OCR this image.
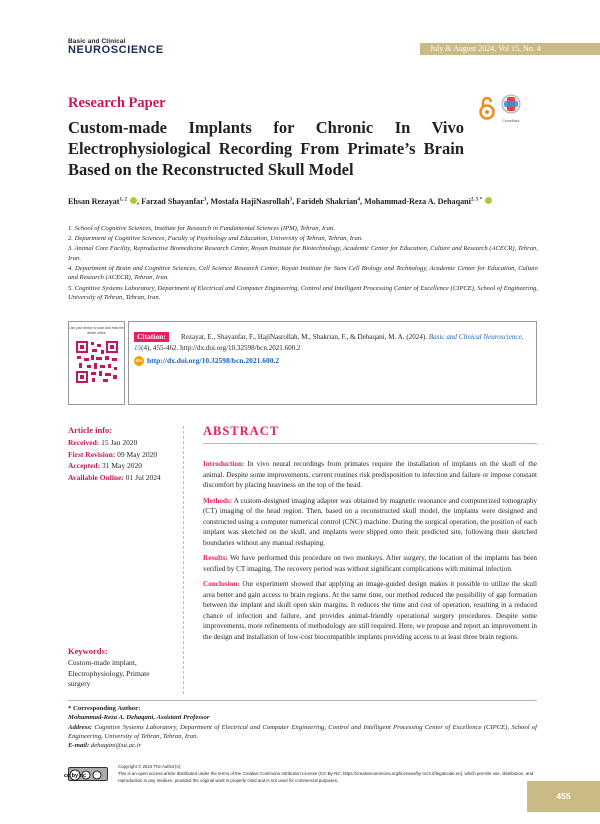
Basic and Clinical
NEUROSCIENCE	July & August 2024, Vol 15, No. 4
Research Paper
Custom-made Implants for Chronic In Vivo Electrophysiological Recording From Primate’s Brain Based on the Reconstructed Skull Model
CrossMark
Ehsan Rezayat$^{1, 2}$ , Farzad Shayanfar$^3$, Mostafa HajiNasrollah$^3$, Farideh Shakrian$^4$, Mohammad-Reza A. Dehaqani$^{2, 5 *}$

1. School of Cognitive Sciences, Institute for Research in Fundamental Sciences (IPM), Tehran, Iran.

2. Department of Cognitive Sciences, Faculty of Psychology and Education, University of Tehran, Tehran, Iran.

3. Animal Core Facility, Reproductive Biomedicine Research Center, Royan Institute for Biotechnology, Academic Center for Education, Culture and Research (ACECR), Tehran, Iran.

4. Department of Brain and Cognitive Sciences, Cell Science Research Center, Royan Institute for Stem Cell Biology and Technology, Academic Center for Education, Culture and Research (ACECR), Tehran, Iran.

5. Cognitive Systems Laboratory, Department of Electrical and Computer Engineering, Control and Intelligent Processing Center of Excellence (CIPCE), School of Engineering, University of Tehran, Tehran, Iran.

Use your device to scan and read the article online
Rezayat, E., Shayanfar, F., HajiNasrollah, M., Shakrian, F., & Dehaqani, M. A. (2024). Basic and Clinical Neuroscience, 15(4), 455-462. http://dx.doi.org/10.32598/bcn.2021.600.2
Citation:
doi http://dx.doi.org/10.32598/bcn.2021.600.2
Article info:
Received: 15 Jan 2020
First Revision: 09 May 2020
Accepted: 31 May 2020
Available Online: 01 Jul 2024
Keywords:
Custom-made implant, Electrophysiology, Primate surgery
ABSTRACT

Introduction: In vivo neural recordings from primates require the installation of implants on the skull of the animal. Despite some improvements, current routines risk predisposition to infection and failure or impose constant discomfort by placing heaviness on the top of the head.

Methods: A custom-designed imaging adapter was obtained by magnetic resonance and computerized tomography (CT) imaging of the head region. Then, based on a reconstructed skull model, the implants were designed and constructed using a computer numerical control (CNC) machine. During the surgical operation, the position of each implant was sketched on the skull, and implants were slipped onto their predicted site, following their sketched boundaries without any manual reshaping.

Results: We have performed this procedure on two monkeys. After surgery, the location of the implants has been verified by CT imaging. The recovery period was without significant complications with minimal infection.

Conclusion: Our experiment showed that applying an image-guided design makes it possible to utilize the skull area better and gain access to brain regions. At the same time, our method reduced the possibility of gap formation between the implant and skull open skin margins. It reduces the time and cost of operation, resulting in a reduced chance of infection and failure, and provides animal-friendly operational surgery procedures. Despite some improvements, more refinements of methodology are still required. Here, we propose and report an improvement in the design and installation of low-cost biocompatible implants providing access to at least three brain regions.

* Corresponding Author:
Mohammad-Reza A. Dehaqani, Assistant Professor
Address: Cognitive Systems Laboratory, Department of Electrical and Computer Engineering, Control and Intelligent Processing Center of Excellence (CIPCE), School of Engineering, University of Tehran, Tehran, Iran.
E-mail: dehaqani@ut.ac.ir
cc by nc
Copyright © 2024 The Author(s);
This is an open access article distributed under the terms of the Creative Commons Attribution License (CC-By-NC: https://creativecommons.org/licenses/by-nc/4.0/legalcode.en), which permits use, distribution, and reproduction in any medium, provided the original work is properly cited and is not used for commercial purposes.
455
